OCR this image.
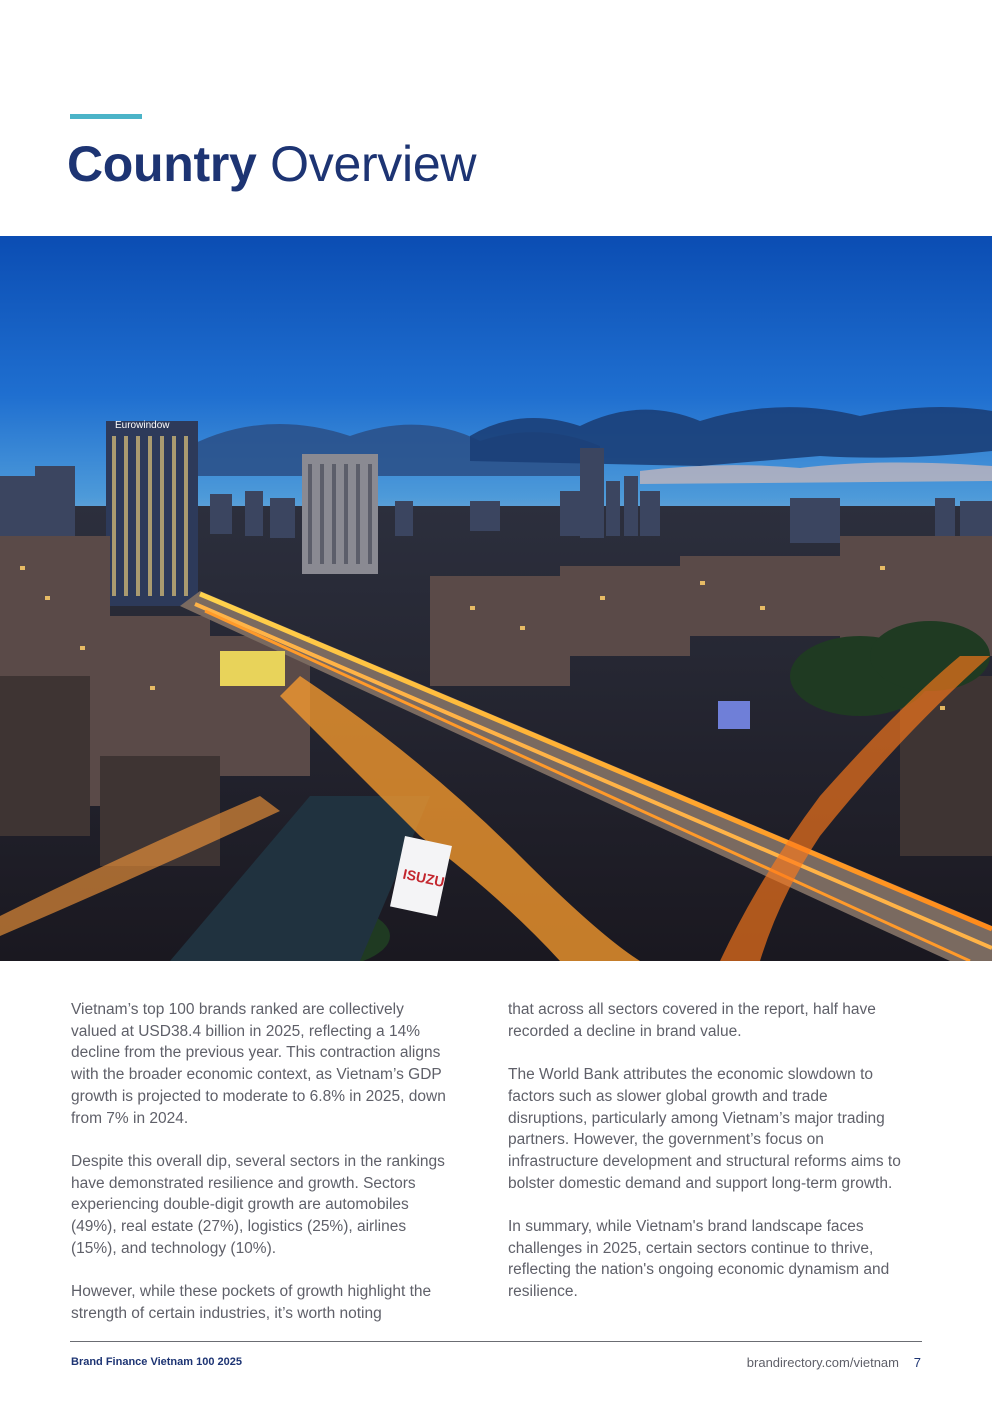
Country Overview
Eurowindow
ISUZU

Vietnam’s top 100 brands ranked are collectively valued at USD38.4 billion in 2025, reflecting a 14% decline from the previous year. This contraction aligns with the broader economic context, as Vietnam’s GDP growth is projected to moderate to 6.8% in 2025, down from 7% in 2024.

Despite this overall dip, several sectors in the rankings have demonstrated resilience and growth. Sectors experiencing double-digit growth are automobiles (49%), real estate (27%), logistics (25%), airlines (15%), and technology (10%).

However, while these pockets of growth highlight the strength of certain industries, it’s worth noting

that across all sectors covered in the report, half have recorded a decline in brand value.

The World Bank attributes the economic slowdown to factors such as slower global growth and trade disruptions, particularly among Vietnam’s major trading partners. However, the government’s focus on infrastructure development and structural reforms aims to bolster domestic demand and support long-term growth.

In summary, while Vietnam's brand landscape faces challenges in 2025, certain sectors continue to thrive, reflecting the nation's ongoing economic dynamism and resilience.

Brand Finance Vietnam 100 2025	brandirectory.com/vietnam 7
